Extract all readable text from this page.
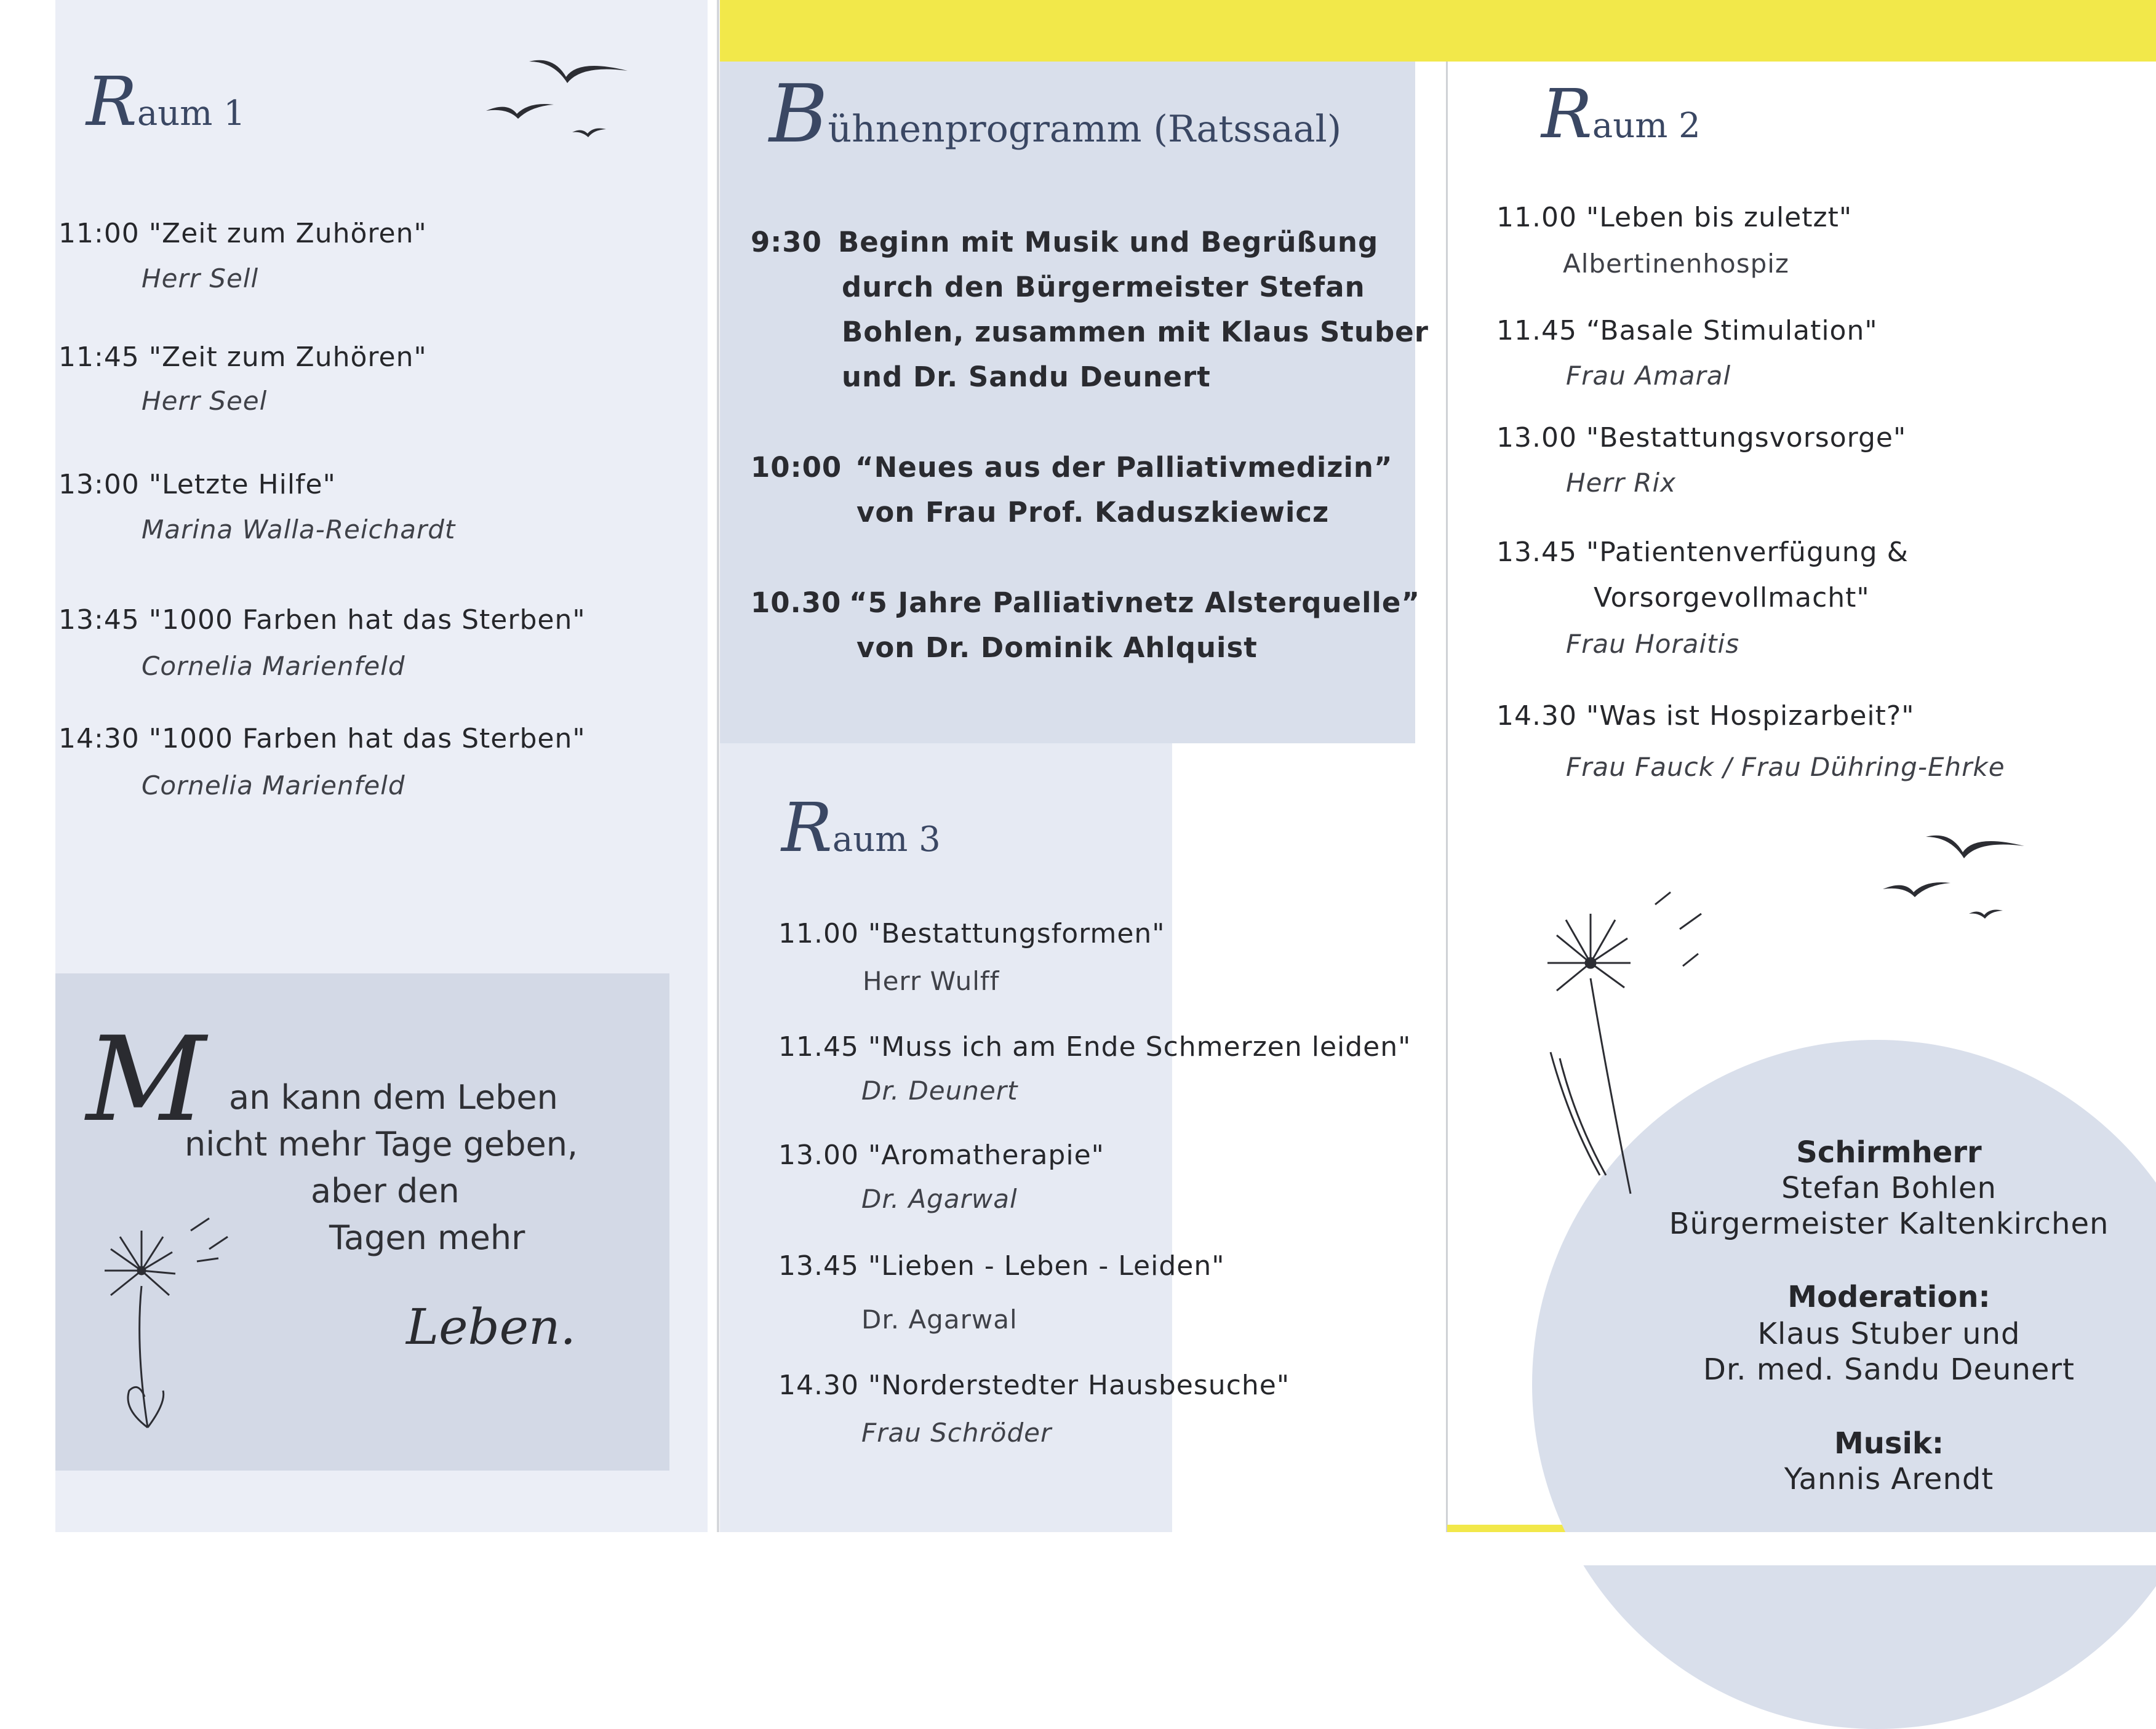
Raum 1
11:00 "Zeit zum Zuhören"
Herr Sell
11:45 "Zeit zum Zuhören"
Herr Seel
13:00 "Letzte Hilfe"
Marina Walla-Reichardt
13:45 "1000 Farben hat das Sterben"
Cornelia Marienfeld
14:30 "1000 Farben hat das Sterben"
Cornelia Marienfeld
M an kann dem Leben
nicht mehr Tage geben,
aber den
Tagen mehr
Leben.
Bühnenprogramm (Ratssaal)
9:30 Beginn mit Musik und Begrüßung
durch den Bürgermeister Stefan
Bohlen, zusammen mit Klaus Stuber
und Dr. Sandu Deunert
10:00 “Neues aus der Palliativmedizin”
von Frau Prof. Kaduszkiewicz
10.30 “5 Jahre Palliativnetz Alsterquelle”
von Dr. Dominik Ahlquist
Raum 3
11.00 "Bestattungsformen"
Herr Wulff
11.45 "Muss ich am Ende Schmerzen leiden"
Dr. Deunert
13.00 "Aromatherapie"
Dr. Agarwal
13.45 "Lieben - Leben - Leiden"
Dr. Agarwal
14.30 "Norderstedter Hausbesuche"
Frau Schröder
Raum 2
11.00 "Leben bis zuletzt"
Albertinenhospiz
11.45 “Basale Stimulation"
Frau Amaral
13.00 "Bestattungsvorsorge"
Herr Rix
13.45 "Patientenverfügung &
Vorsorgevollmacht"
Frau Horaitis
14.30 "Was ist Hospizarbeit?"
Frau Fauck / Frau Dühring-Ehrke
Schirmherr
Stefan Bohlen
Bürgermeister Kaltenkirchen
Moderation:
Klaus Stuber und
Dr. med. Sandu Deunert
Musik:
Yannis Arendt
